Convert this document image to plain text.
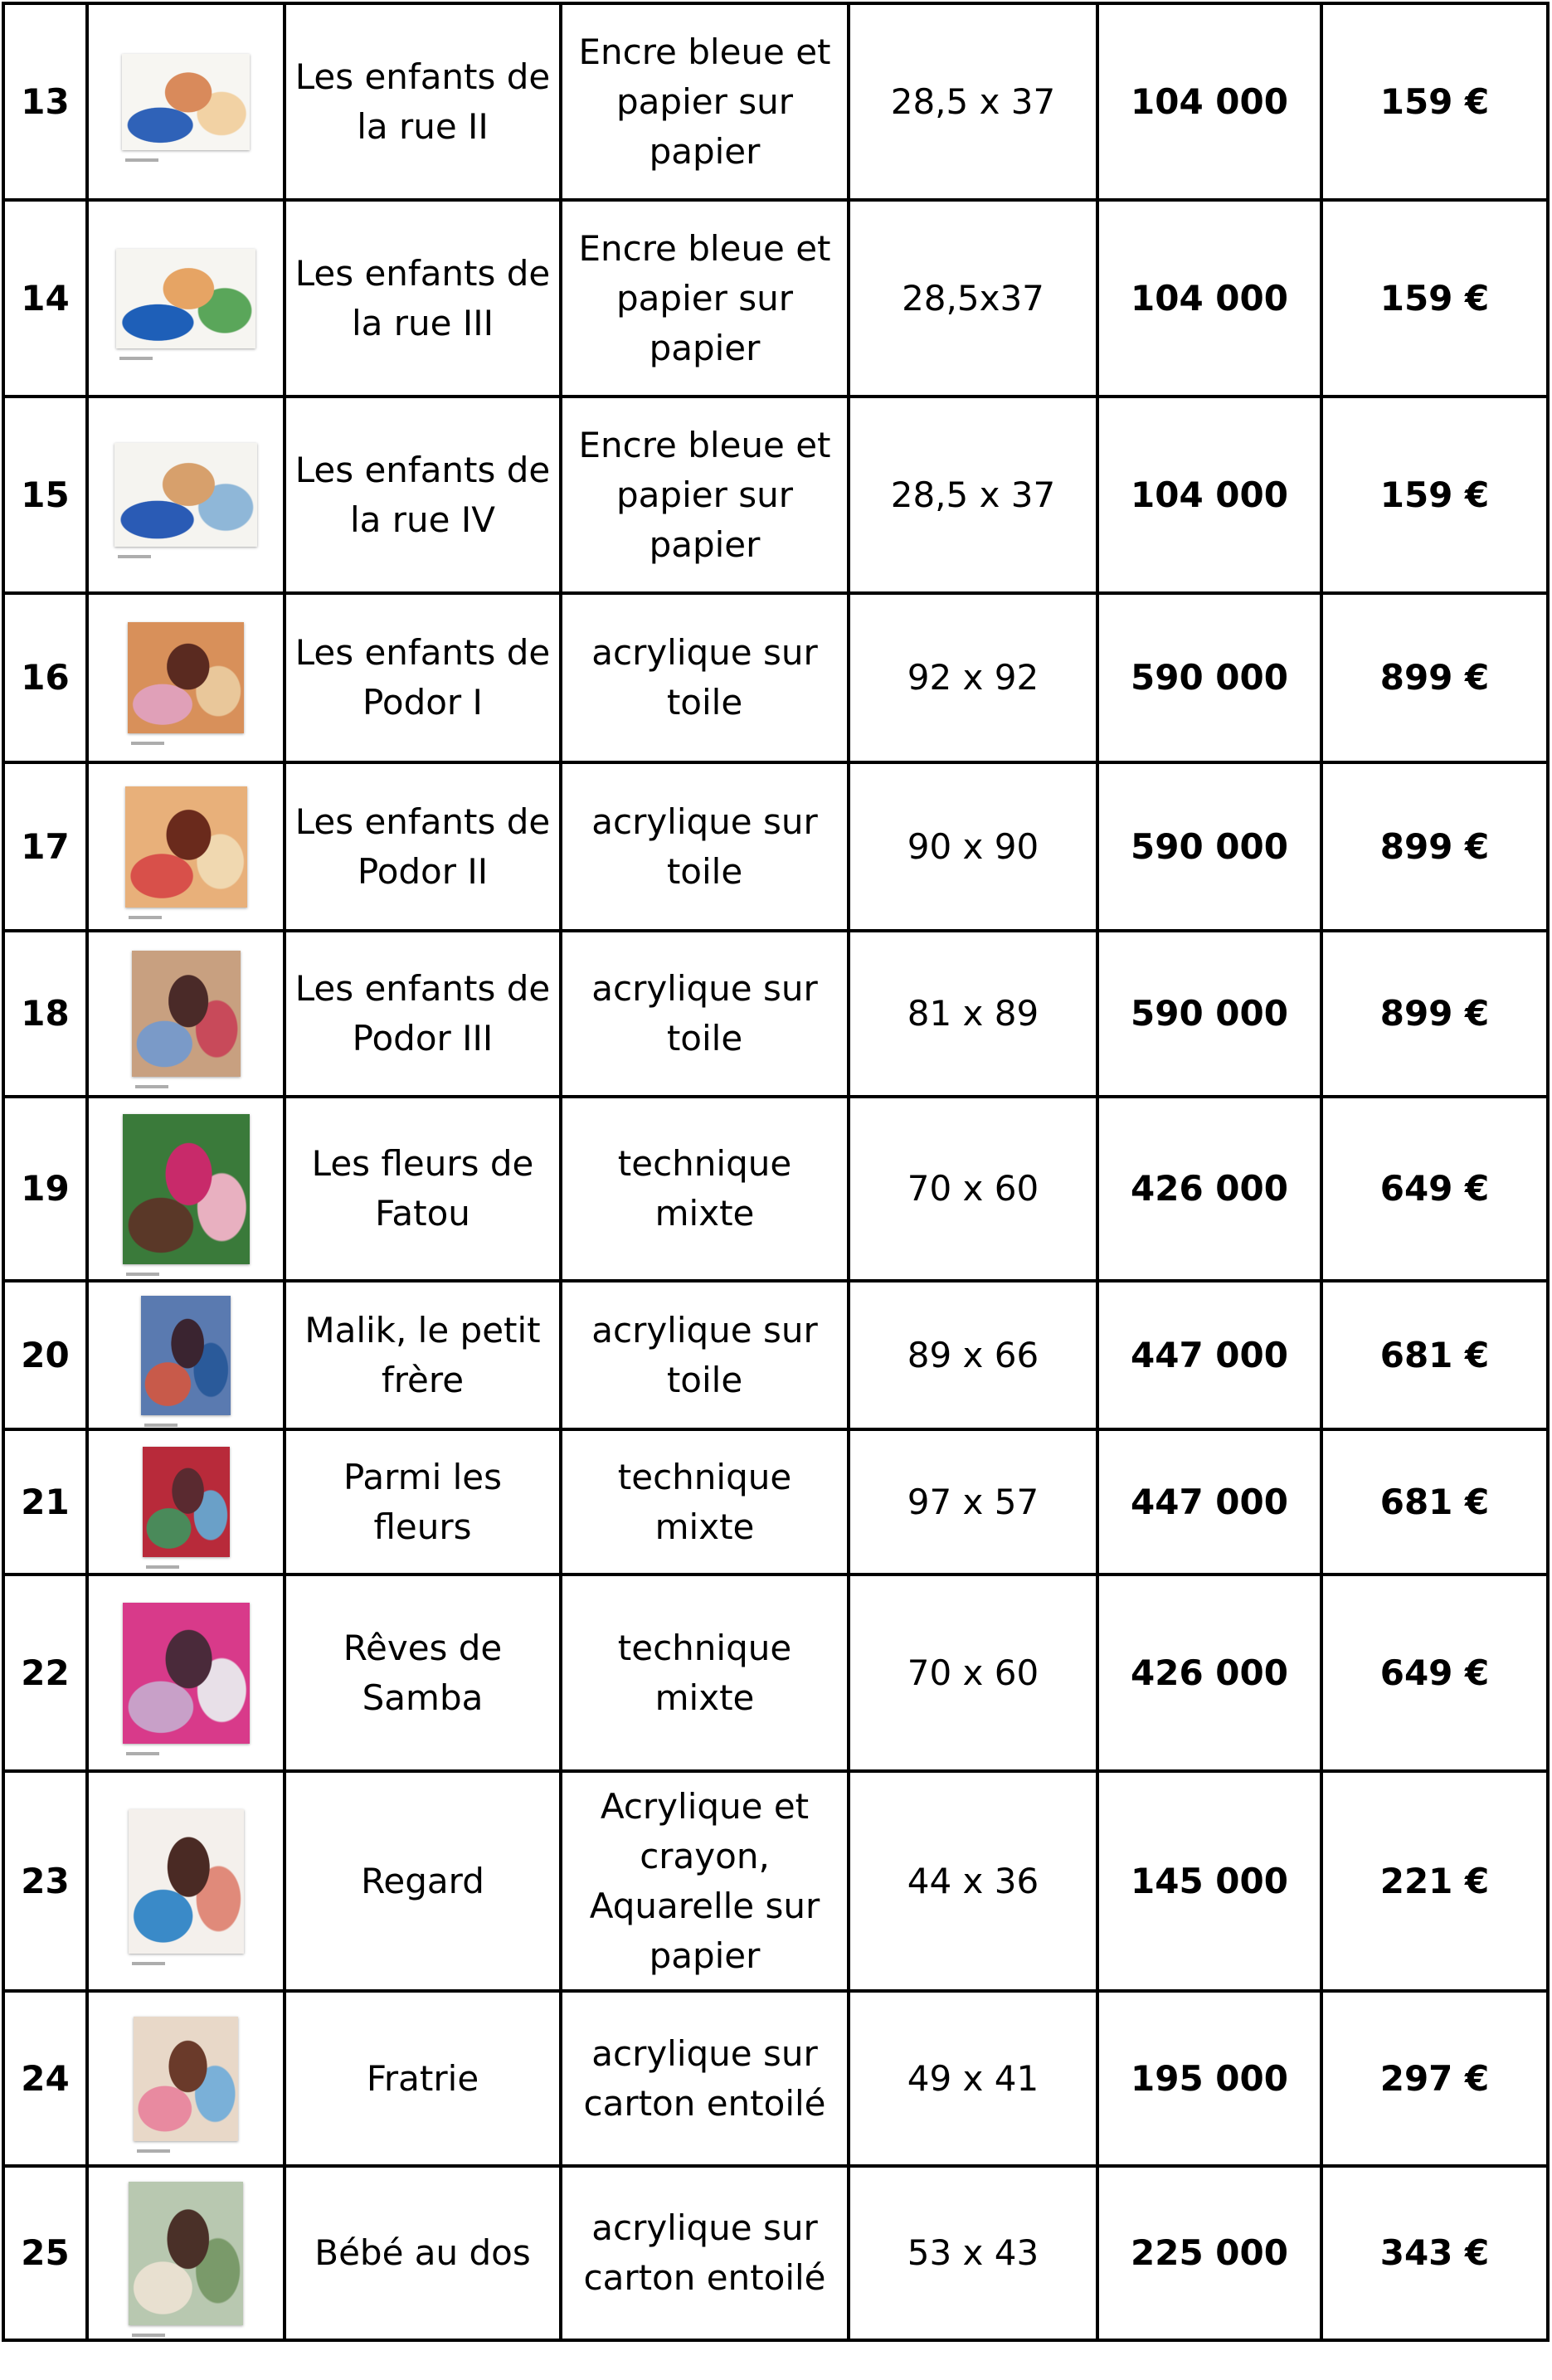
13		Les enfants de la rue II	Encre bleue et papier sur papier	28,5 x 37	104 000	159 €
14		Les enfants de la rue III	Encre bleue et papier sur papier	28,5x37	104 000	159 €
15		Les enfants de la rue IV	Encre bleue et papier sur papier	28,5 x 37	104 000	159 €
16		Les enfants de Podor I	acrylique sur toile	92 x 92	590 000	899 €
17		Les enfants de Podor II	acrylique sur toile	90 x 90	590 000	899 €
18		Les enfants de Podor III	acrylique sur toile	81 x 89	590 000	899 €
19		Les fleurs de Fatou	technique mixte	70 x 60	426 000	649 €
20		Malik, le petit frère	acrylique sur toile	89 x 66	447 000	681 €
21		Parmi les fleurs	technique mixte	97 x 57	447 000	681 €
22		Rêves de Samba	technique mixte	70 x 60	426 000	649 €
23		Regard	Acrylique et crayon, Aquarelle sur papier	44 x 36	145 000	221 €
24		Fratrie	acrylique sur carton entoilé	49 x 41	195 000	297 €
25		Bébé au dos	acrylique sur carton entoilé	53 x 43	225 000	343 €
